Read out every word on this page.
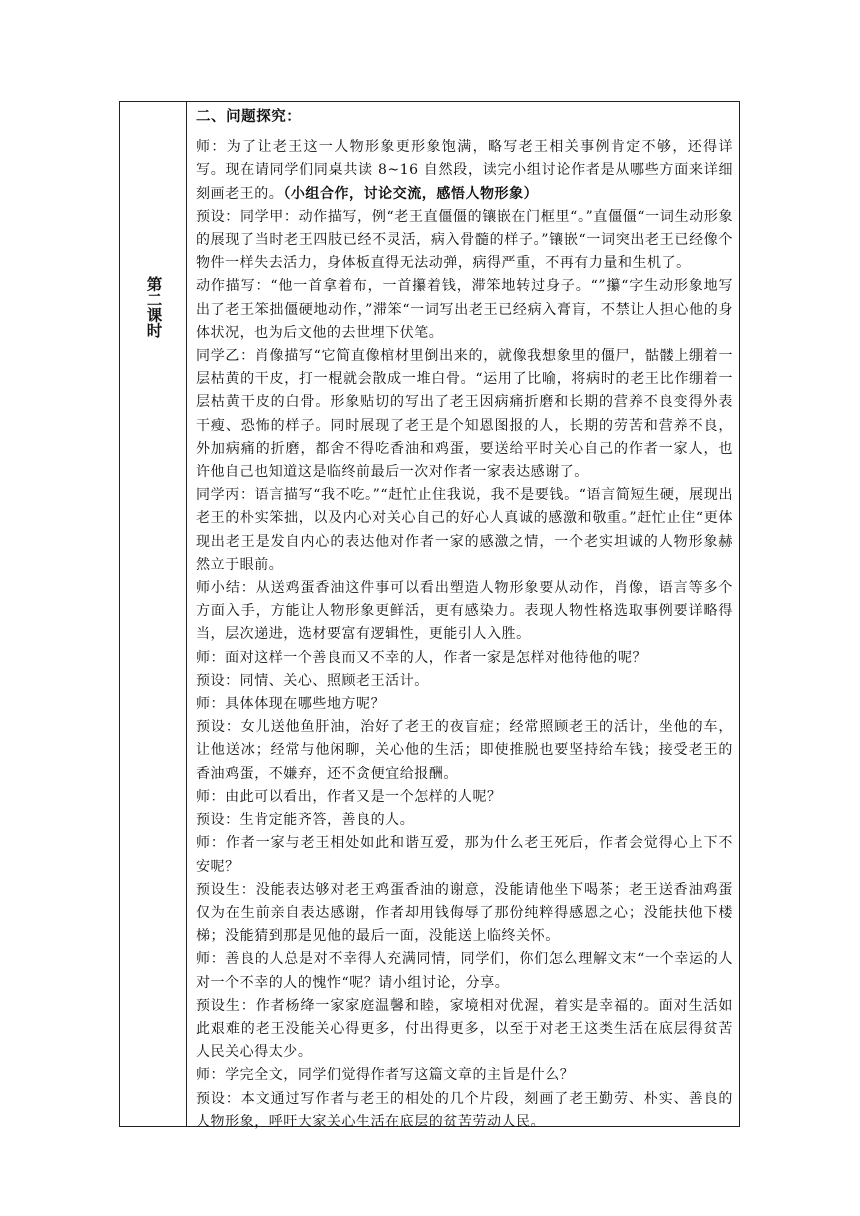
第二课时

二、问题探究：

师：为了让老王这一人物形象更形象饱满，略写老王相关事例肯定不够，还得详写。现在请同学们同桌共读 8~16 自然段，读完小组讨论作者是从哪些方面来详细刻画老王的。（小组合作，讨论交流，感悟人物形象）

预设：同学甲：动作描写，例“老王直僵僵的镶嵌在门框里“。”直僵僵“一词生动形象的展现了当时老王四肢已经不灵活，病入骨髓的样子。”镶嵌“一词突出老王已经像个物件一样失去活力，身体板直得无法动弹，病得严重，不再有力量和生机了。

动作描写：“他一首拿着布，一首攥着钱，滞笨地转过身子。“”攥“字生动形象地写出了老王笨拙僵硬地动作，”滞笨“一词写出老王已经病入膏肓，不禁让人担心他的身体状况，也为后文他的去世埋下伏笔。

同学乙：肖像描写“它简直像棺材里倒出来的，就像我想象里的僵尸，骷髅上绷着一层枯黄的干皮，打一棍就会散成一堆白骨。“运用了比喻，将病时的老王比作绷着一层枯黄干皮的白骨。形象贴切的写出了老王因病痛折磨和长期的营养不良变得外表干瘦、恐怖的样子。同时展现了老王是个知恩图报的人，长期的劳苦和营养不良，外加病痛的折磨，都舍不得吃香油和鸡蛋，要送给平时关心自己的作者一家人，也许他自己也知道这是临终前最后一次对作者一家表达感谢了。

同学丙：语言描写“我不吃。”“赶忙止住我说，我不是要钱。“语言简短生硬，展现出老王的朴实笨拙，以及内心对关心自己的好心人真诚的感激和敬重。”赶忙止住“更体现出老王是发自内心的表达他对作者一家的感激之情，一个老实坦诚的人物形象赫然立于眼前。

师小结：从送鸡蛋香油这件事可以看出塑造人物形象要从动作，肖像，语言等多个方面入手，方能让人物形象更鲜活，更有感染力。表现人物性格选取事例要详略得当，层次递进，选材要富有逻辑性，更能引人入胜。

师：面对这样一个善良而又不幸的人，作者一家是怎样对他待他的呢？

预设：同情、关心、照顾老王活计。

师：具体体现在哪些地方呢？

预设：女儿送他鱼肝油，治好了老王的夜盲症；经常照顾老王的活计，坐他的车，让他送冰；经常与他闲聊，关心他的生活；即使推脱也要坚持给车钱；接受老王的香油鸡蛋，不嫌弃，还不贪便宜给报酬。

师：由此可以看出，作者又是一个怎样的人呢？

预设：生肯定能齐答，善良的人。

师：作者一家与老王相处如此和谐互爱，那为什么老王死后，作者会觉得心上下不安呢？

预设生：没能表达够对老王鸡蛋香油的谢意，没能请他坐下喝茶；老王送香油鸡蛋仅为在生前亲自表达感谢，作者却用钱侮辱了那份纯粹得感恩之心；没能扶他下楼梯；没能猜到那是见他的最后一面，没能送上临终关怀。

师：善良的人总是对不幸得人充满同情，同学们，你们怎么理解文末“一个幸运的人对一个不幸的人的愧怍“呢？请小组讨论，分享。

预设生：作者杨绛一家家庭温馨和睦，家境相对优渥，着实是幸福的。面对生活如此艰难的老王没能关心得更多，付出得更多，以至于对老王这类生活在底层得贫苦人民关心得太少。

师：学完全文，同学们觉得作者写这篇文章的主旨是什么？

预设：本文通过写作者与老王的相处的几个片段，刻画了老王勤劳、朴实、善良的人物形象，呼吁大家关心生活在底层的贫苦劳动人民。
